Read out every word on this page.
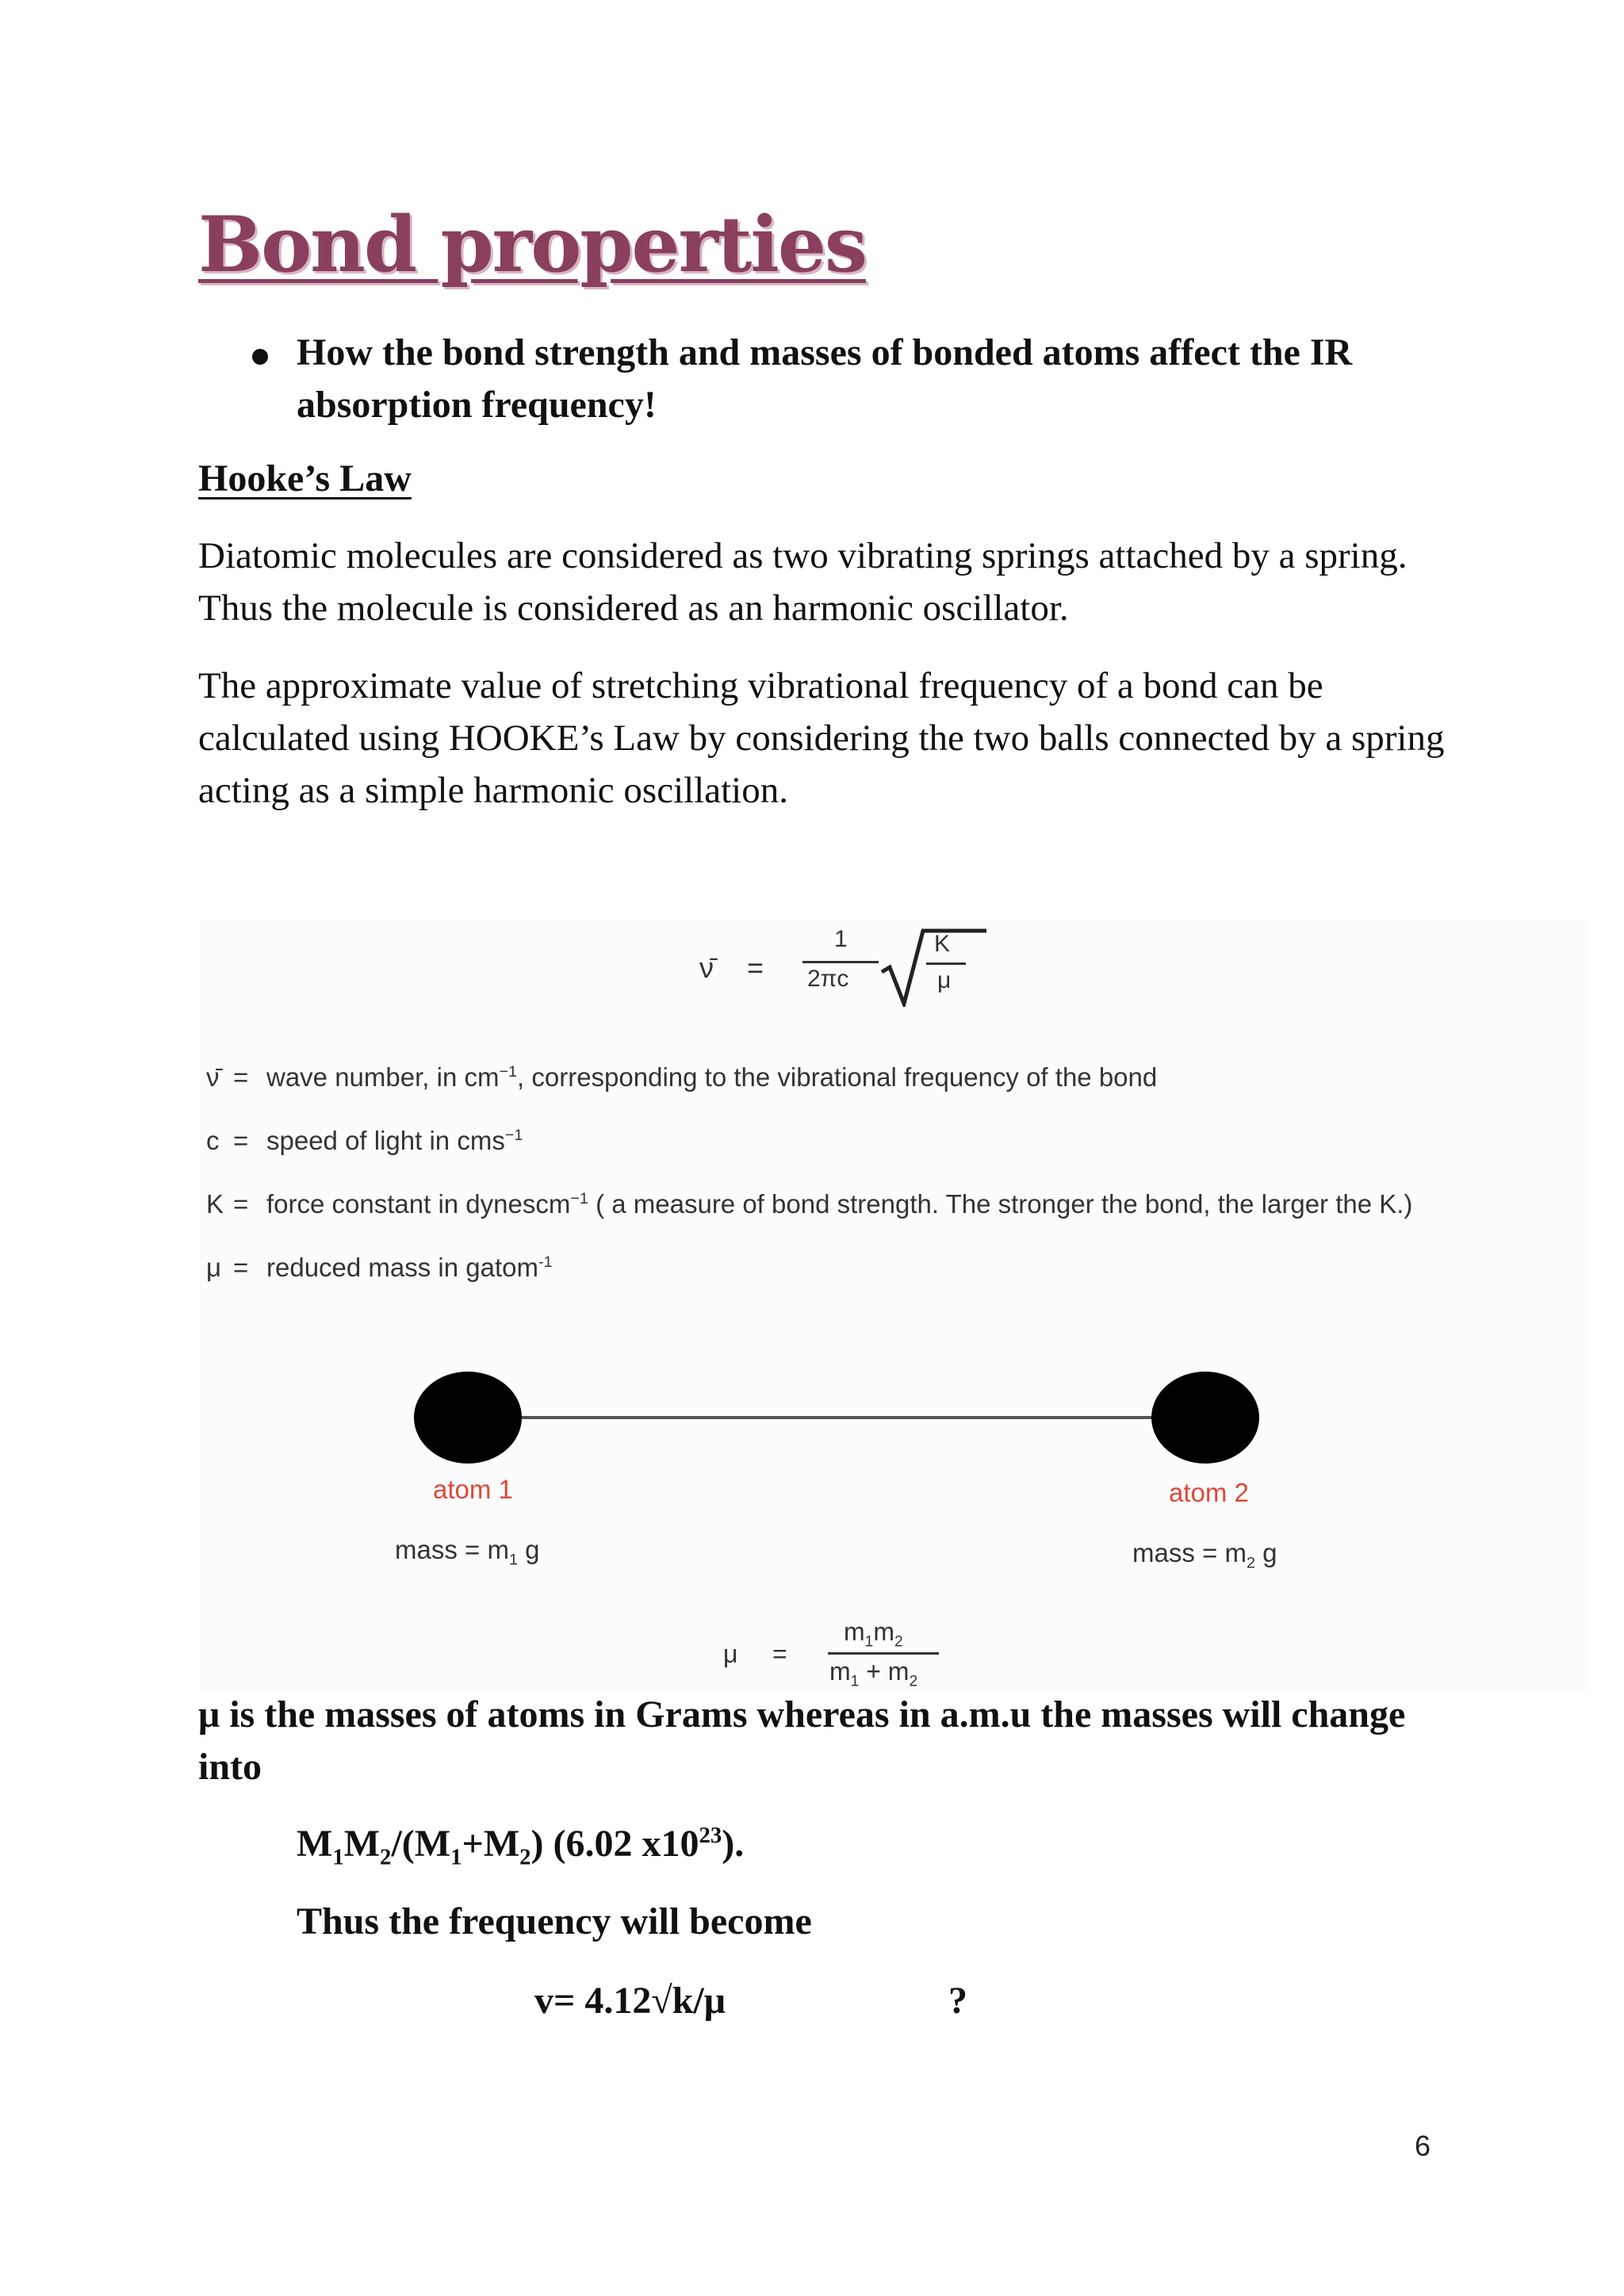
Bond properties
How the bond strength and masses of bonded atoms affect the IR absorption frequency!
Hooke’s Law
Diatomic molecules are considered as two vibrating springs attached by a spring. Thus the molecule is considered as an harmonic oscillator.
The approximate value of stretching vibrational frequency of a bond can be calculated using HOOKE’s Law by considering the two balls connected by a spring acting as a simple harmonic oscillation.
ν̄ =
1
2πc
K
μ
ν̄ = wave number, in $cm^{-1}$, corresponding to the vibrational frequency of the bond
c = speed of light in cms$^{-1}$
K = force constant in dynescm$^{-1}$ ( a measure of bond strength. The stronger the bond, the larger the K.)
μ = reduced mass in gatom$^{-1}$
atom 1	atom 2
mass = $m_1$ g	mass = $m_2$ g
μ =
$m_1m_2$
$m_1 + m_2$
μ is the masses of atoms in Grams whereas in a.m.u the masses will change into
$M_1M_2/(M_1+M_2)$ (6.02 $x10^{23}$).
Thus the frequency will become
v= 4.12√k/μ	?
6
